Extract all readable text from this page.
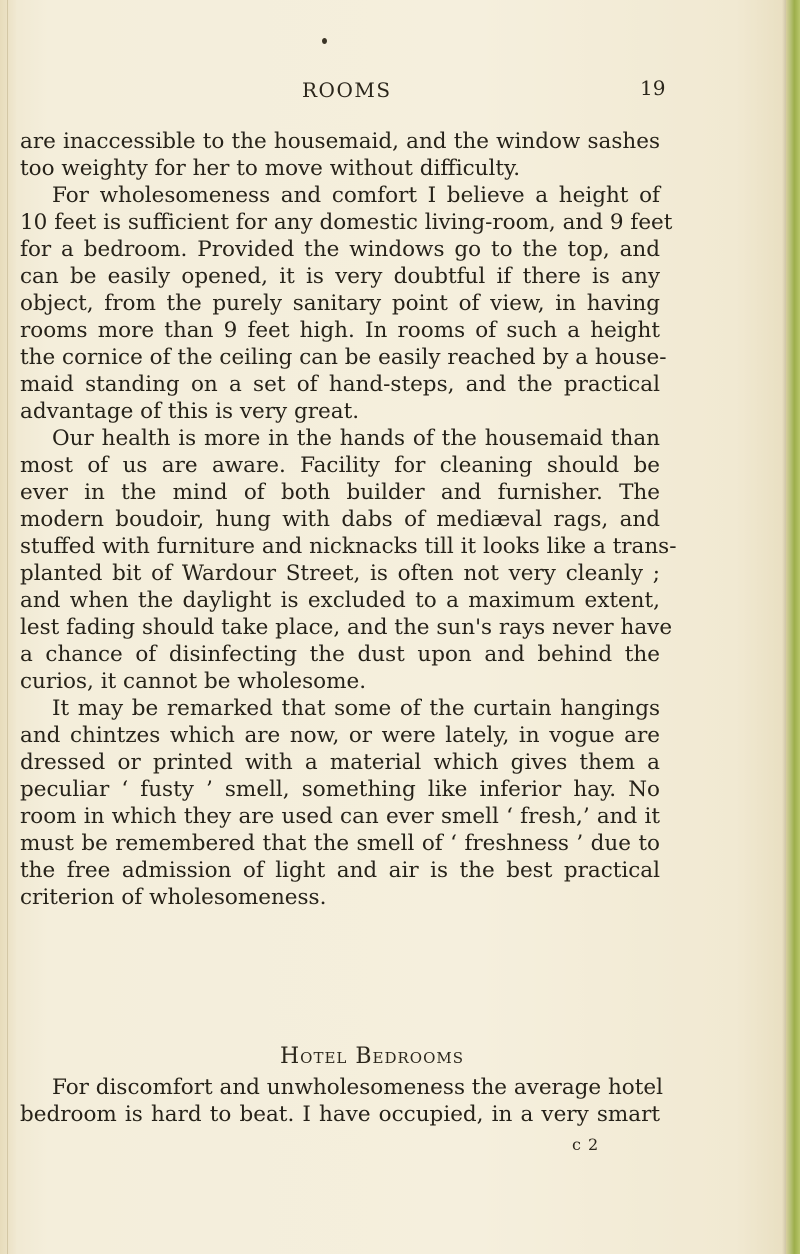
ROOMS	19
are inaccessible to the housemaid, and the window sashes
too weighty for her to move without difficulty.
For wholesomeness and comfort I believe a height of
10 feet is sufficient for any domestic living-room, and 9 feet
for a bedroom. Provided the windows go to the top, and
can be easily opened, it is very doubtful if there is any
object, from the purely sanitary point of view, in having
rooms more than 9 feet high. In rooms of such a height
the cornice of the ceiling can be easily reached by a house-
maid standing on a set of hand-steps, and the practical
advantage of this is very great.
Our health is more in the hands of the housemaid than
most of us are aware. Facility for cleaning should be
ever in the mind of both builder and furnisher. The
modern boudoir, hung with dabs of mediæval rags, and
stuffed with furniture and nicknacks till it looks like a trans-
planted bit of Wardour Street, is often not very cleanly ;
and when the daylight is excluded to a maximum extent,
lest fading should take place, and the sun's rays never have
a chance of disinfecting the dust upon and behind the
curios, it cannot be wholesome.
It may be remarked that some of the curtain hangings
and chintzes which are now, or were lately, in vogue are
dressed or printed with a material which gives them a
peculiar ‘ fusty ’ smell, something like inferior hay. No
room in which they are used can ever smell ‘ fresh,’ and it
must be remembered that the smell of ‘ freshness ’ due to
the free admission of light and air is the best practical
criterion of wholesomeness.
Hotel Bedrooms
For discomfort and unwholesomeness the average hotel
bedroom is hard to beat. I have occupied, in a very smart
c 2
